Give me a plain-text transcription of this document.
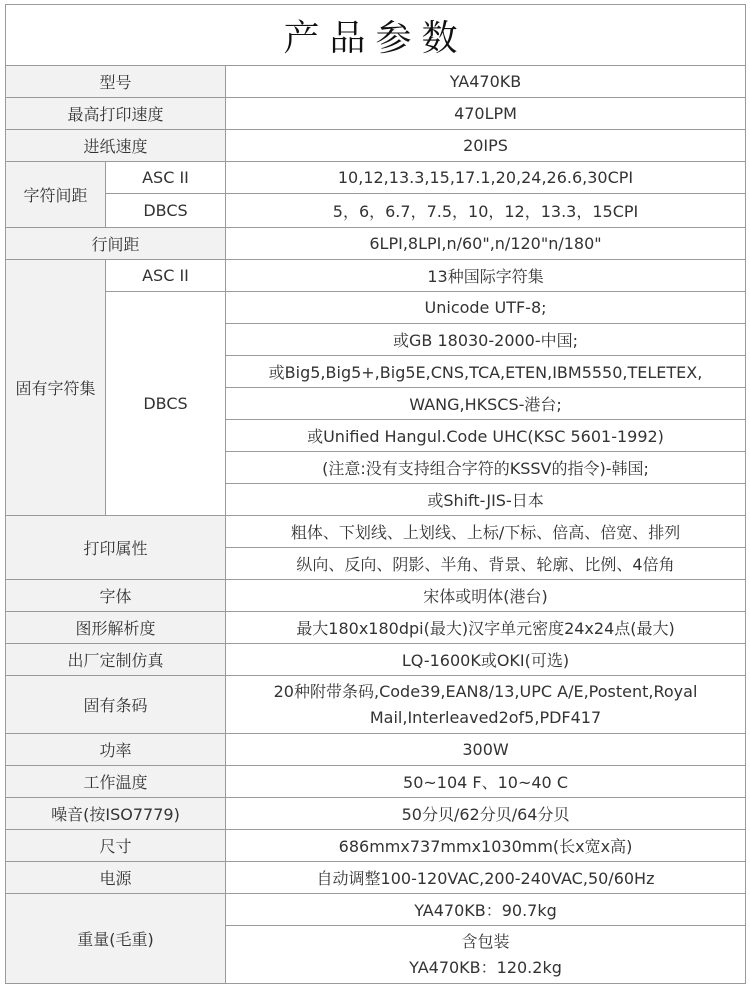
产品参数		
型号		YA470KB
最高打印速度		470LPM
进纸速度		20IPS
字符间距	ASC II	10,12,13.3,15,17.1,20,24,26.6,30CPI
	DBCS	5，6，6.7，7.5，10，12，13.3，15CPI
行间距		6LPI,8LPI,n/60",n/120"n/180"
固有字符集	ASC II	13种国际字符集
	DBCS	Unicode UTF-8;
		或GB 18030-2000-中国;
		或Big5,Big5+,Big5E,CNS,TCA,ETEN,IBM5550,TELETEX,
		WANG,HKSCS-港台;
		或Unified Hangul.Code UHC(KSC 5601-1992)
		(注意:没有支持组合字符的KSSV的指令)-韩国;
		或Shift-JIS-日本
打印属性		粗体、下划线、上划线、上标/下标、倍高、倍宽、排列
		纵向、反向、阴影、半角、背景、轮廓、比例、4倍角
字体		宋体或明体(港台)
图形解析度		最大180x180dpi(最大)汉字单元密度24x24点(最大)
出厂定制仿真		LQ-1600K或OKI(可选)
固有条码		20种附带条码,Code39,EAN8/13,UPC A/E,Postent,Royal
Mail,Interleaved2of5,PDF417

功率		300W
工作温度		50~104 F、10~40 C
噪音(按ISO7779)		50分贝/62分贝/64分贝
尺寸		686mmx737mmx1030mm(长x宽x高)
电源		自动调整100-120VAC,200-240VAC,50/60Hz
重量(毛重)		YA470KB：90.7kg

		含包装
YA470KB：120.2kg
